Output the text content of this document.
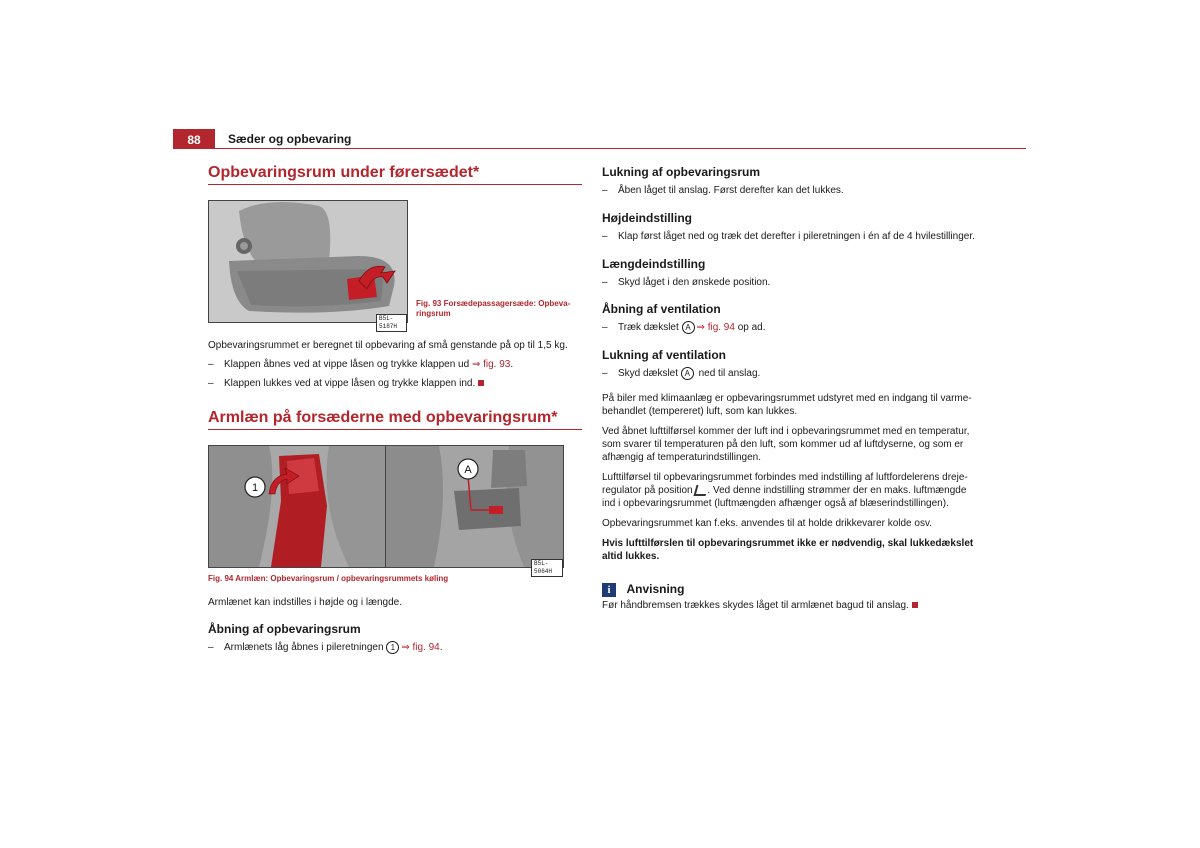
88	Sæder og opbevaring
Opbevaringsrum under førersædet*
B5L-5187H
Fig. 93 Forsædepassagersæde: Opbeva-ringsrum
Opbevaringsrummet er beregnet til opbevaring af små genstande på op til 1,5 kg.
– Klappen åbnes ved at vippe låsen og trykke klappen ud ⇒ fig. 93.
– Klappen lukkes ved at vippe låsen og trykke klappen ind.
Armlæn på forsæderne med opbevaringsrum*
1
A
B5L-5064H
Fig. 94 Armlæn: Opbevaringsrum / opbevaringsrummets køling
Armlænet kan indstilles i højde og i længde.
Åbning af opbevaringsrum
– Armlænets låg åbnes i pileretningen 1 ⇒ fig. 94.
Lukning af opbevaringsrum
– Åben låget til anslag. Først derefter kan det lukkes.
Højdeindstilling
– Klap først låget ned og træk det derefter i pileretningen i én af de 4 hvilestillinger.
Længdeindstilling
– Skyd låget i den ønskede position.
Åbning af ventilation
– Træk dækslet A ⇒ fig. 94 op ad.
Lukning af ventilation
– Skyd dækslet A ned til anslag.
På biler med klimaanlæg er opbevaringsrummet udstyret med en indgang til varme-behandlet (tempereret) luft, som kan lukkes.
Ved åbnet lufttilførsel kommer der luft ind i opbevaringsrummet med en temperatur, som svarer til temperaturen på den luft, som kommer ud af luftdyserne, og som er afhængig af temperaturindstillingen.
Lufttilførsel til opbevaringsrummet forbindes med indstilling af luftfordelerens dreje-regulator på position . Ved denne indstilling strømmer der en maks. luftmængde ind i opbevaringsrummet (luftmængden afhænger også af blæserindstillingen).
Opbevaringsrummet kan f.eks. anvendes til at holde drikkevarer kolde osv.
Hvis lufttilførslen til opbevaringsrummet ikke er nødvendig, skal lukkedækslet altid lukkes.
i Anvisning
Før håndbremsen trækkes skydes låget til armlænet bagud til anslag.
